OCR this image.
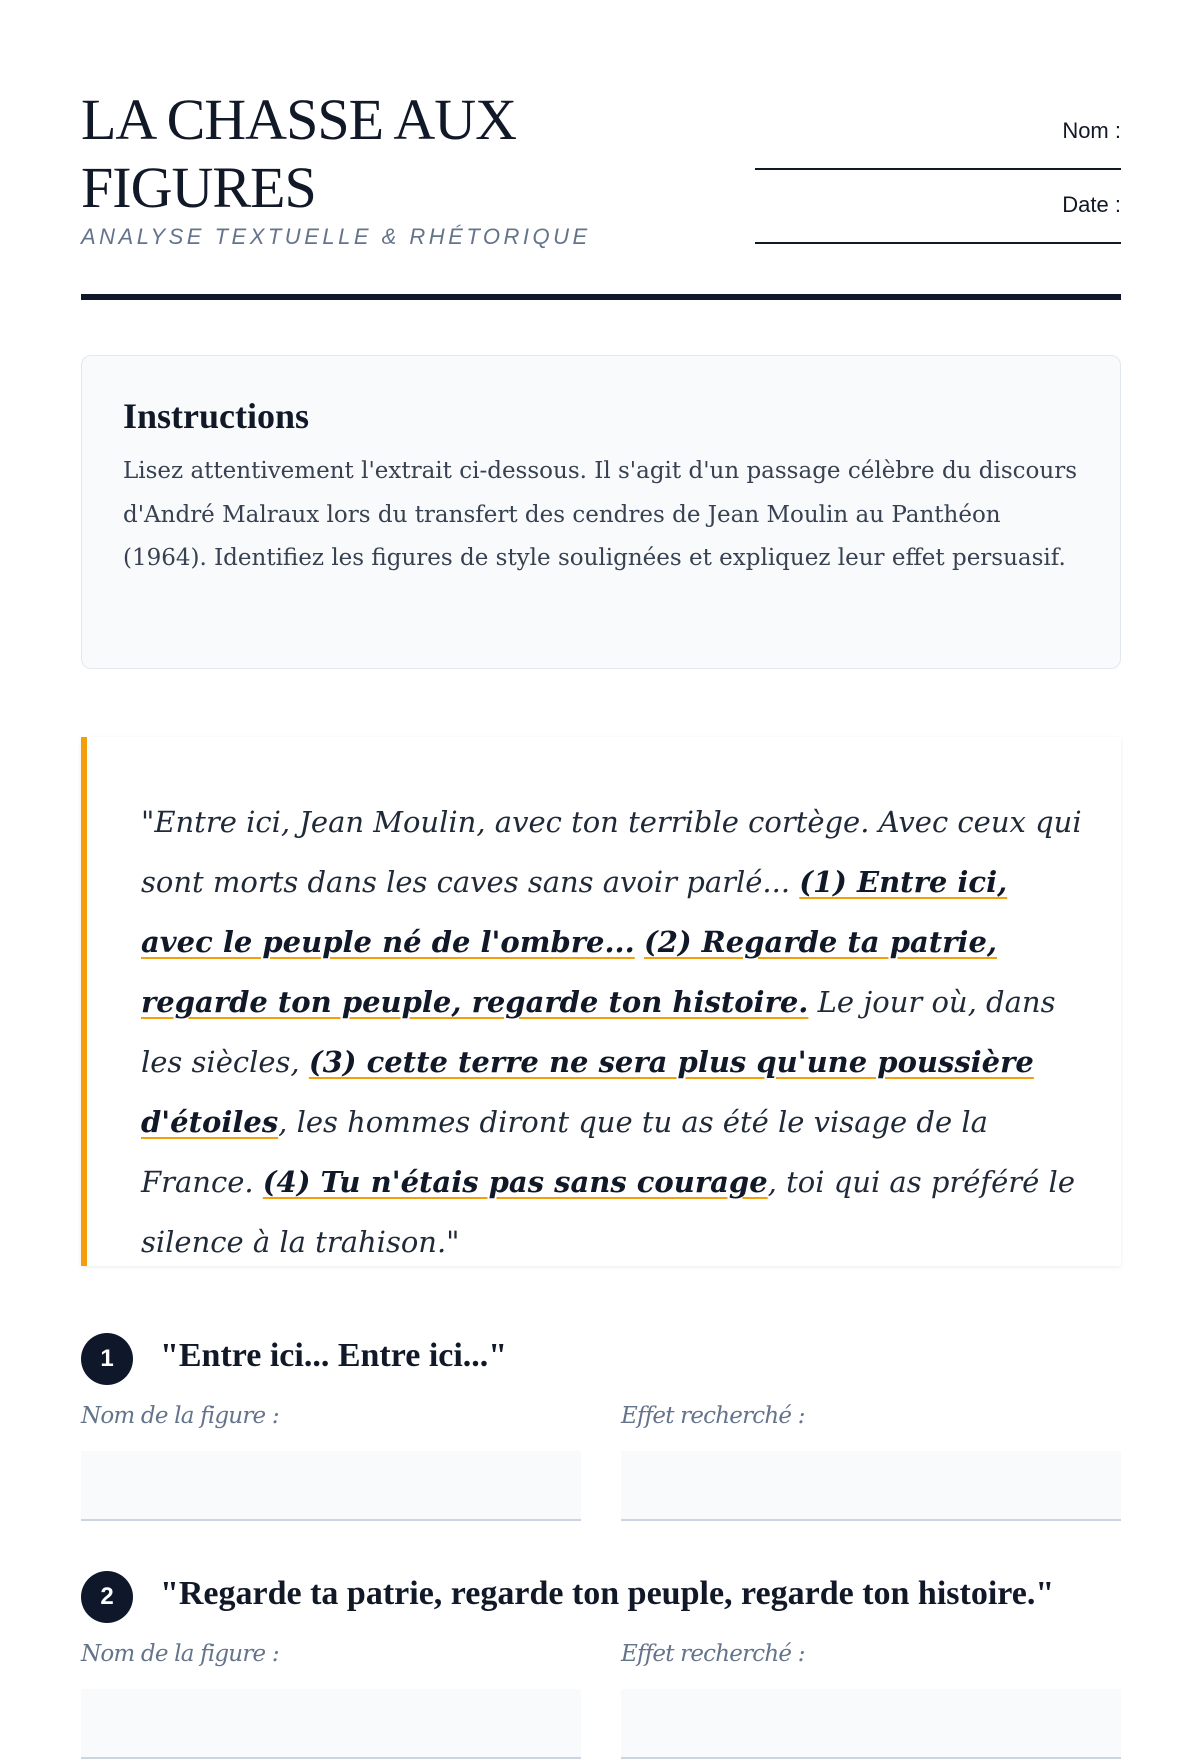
LA CHASSE AUX FIGURES
ANALYSE TEXTUELLE & RHÉTORIQUE
Nom :
Date :
Instructions

Lisez attentivement l'extrait ci-dessous. Il s'agit d'un passage célèbre du discours d'André Malraux lors du transfert des cendres de Jean Moulin au Panthéon (1964). Identifiez les figures de style soulignées et expliquez leur effet persuasif.

"Entre ici, Jean Moulin, avec ton terrible cortège. Avec ceux qui sont morts dans les caves sans avoir parlé... (1) Entre ici, avec le peuple né de l'ombre... (2) Regarde ta patrie, regarde ton peuple, regarde ton histoire. Le jour où, dans les siècles, (3) cette terre ne sera plus qu'une poussière d'étoiles, les hommes diront que tu as été le visage de la France. (4) Tu n'étais pas sans courage, toi qui as préféré le silence à la trahison."

1	"Entre ici... Entre ici..."
Nom de la figure :	Effet recherché :
2	"Regarde ta patrie, regarde ton peuple, regarde ton histoire."
Nom de la figure :	Effet recherché :
